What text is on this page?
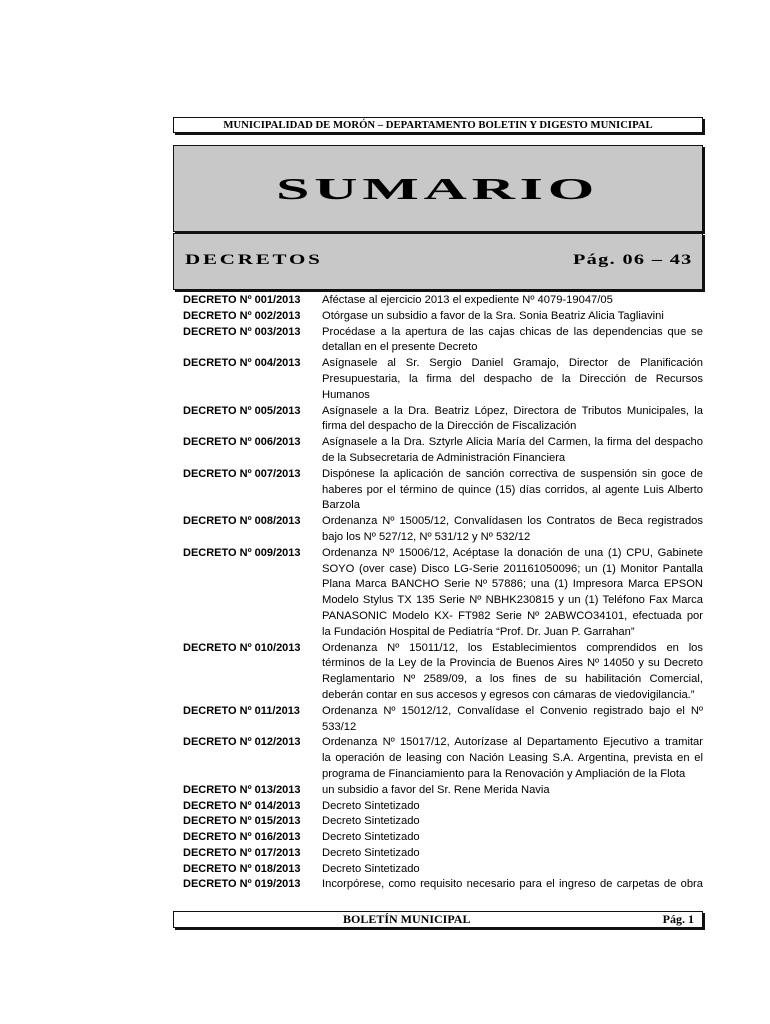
MUNICIPALIDAD DE MORÓN – DEPARTAMENTO BOLETIN Y DIGESTO MUNICIPAL
SUMARIO
DECRETOS	Pág. 06 – 43
DECRETO Nº 001/2013	Aféctase al ejercicio 2013 el expediente Nº 4079-19047/05
DECRETO Nº 002/2013	Otórgase un subsidio a favor de la Sra. Sonia Beatriz Alicia Tagliavini
DECRETO Nº 003/2013	Procédase a la apertura de las cajas chicas de las dependencias que se
detallan en el presente Decreto
DECRETO Nº 004/2013	Asígnasele al Sr. Sergio Daniel Gramajo, Director de Planificación
Presupuestaria, la firma del despacho de la Dirección de Recursos
Humanos
DECRETO Nº 005/2013	Asígnasele a la Dra. Beatriz López, Directora de Tributos Municipales, la
firma del despacho de la Dirección de Fiscalización
DECRETO Nº 006/2013	Asígnasele a la Dra. Sztyrle Alicia María del Carmen, la firma del despacho
de la Subsecretaria de Administración Financiera
DECRETO Nº 007/2013	Dispónese la aplicación de sanción correctiva de suspensión sin goce de
haberes por el término de quince (15) días corridos, al agente Luis Alberto
Barzola
DECRETO Nº 008/2013	Ordenanza Nº 15005/12, Convalídasen los Contratos de Beca registrados
bajo los Nº 527/12, Nº 531/12 y Nº 532/12
DECRETO Nº 009/2013	Ordenanza Nº 15006/12, Acéptase la donación de una (1) CPU, Gabinete
SOYO (over case) Disco LG-Serie 201161050096; un (1) Monitor Pantalla
Plana Marca BANCHO Serie Nº 57886; una (1) Impresora Marca EPSON
Modelo Stylus TX 135 Serie Nº NBHK230815 y un (1) Teléfono Fax Marca
PANASONIC Modelo KX- FT982 Serie Nº 2ABWCO34101, efectuada por
la Fundación Hospital de Pediatría “Prof. Dr. Juan P. Garrahan”
DECRETO Nº 010/2013	Ordenanza Nº 15011/12, los Establecimientos comprendidos en los
términos de la Ley de la Provincia de Buenos Aires Nº 14050 y su Decreto
Reglamentario Nº 2589/09, a los fines de su habilitación Comercial,
deberán contar en sus accesos y egresos con cámaras de viedovigilancia.”
DECRETO Nº 011/2013	Ordenanza Nº 15012/12, Convalídase el Convenio registrado bajo el Nº
533/12
DECRETO Nº 012/2013	Ordenanza Nº 15017/12, Autorízase al Departamento Ejecutivo a tramitar
la operación de leasing con Nación Leasing S.A. Argentina, prevista en el
programa de Financiamiento para la Renovación y Ampliación de la Flota
DECRETO Nº 013/2013	un subsidio a favor del Sr. Rene Merida Navia
DECRETO Nº 014/2013	Decreto Sintetizado
DECRETO Nº 015/2013	Decreto Sintetizado
DECRETO Nº 016/2013	Decreto Sintetizado
DECRETO Nº 017/2013	Decreto Sintetizado
DECRETO Nº 018/2013	Decreto Sintetizado
DECRETO Nº 019/2013	Incorpórese, como requisito necesario para el ingreso de carpetas de obra
BOLETÍN MUNICIPAL	Pág. 1
